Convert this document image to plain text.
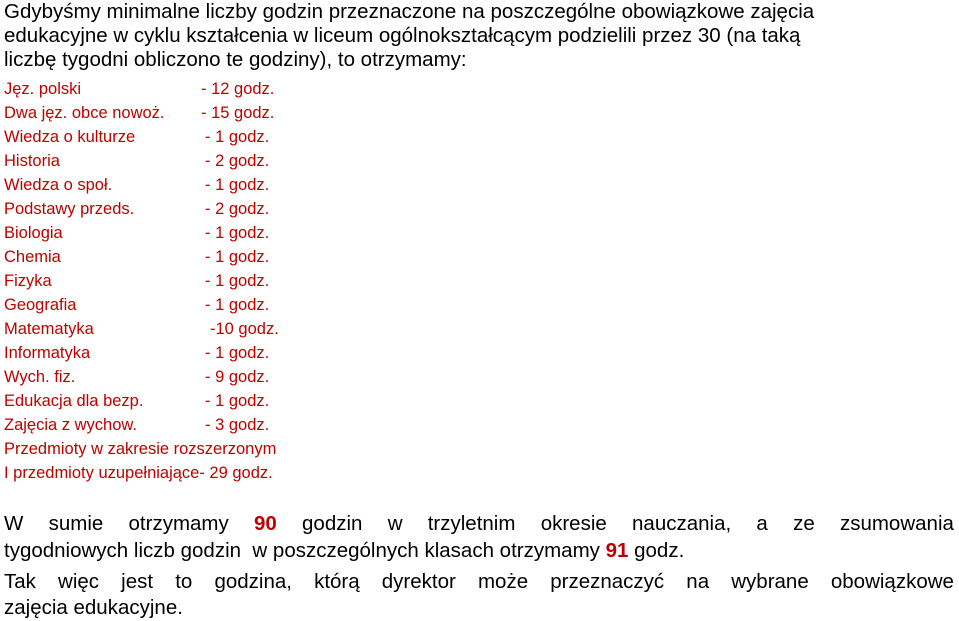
Gdybyśmy minimalne liczby godzin przeznaczone na poszczególne obowiązkowe zajęcia
edukacyjne w cyklu kształcenia w liceum ogólnokształcącym podzielili przez 30 (na taką
liczbę tygodni obliczono te godziny), to otrzymamy:
Jęz. polski	- 12 godz.
Dwa jęz. obce nowoż. - 15 godz.
Wiedza o kulturze	- 1 godz.
Historia	- 2 godz.
Wiedza o społ.	- 1 godz.
Podstawy przeds.	- 2 godz.
Biologia	- 1 godz.
Chemia	- 1 godz.
Fizyka	- 1 godz.
Geografia	- 1 godz.
Matematyka	-10 godz.
Informatyka	- 1 godz.
Wych. fiz.	- 9 godz.
Edukacja dla bezp.	- 1 godz.
Zajęcia z wychow.	- 3 godz.
Przedmioty w zakresie rozszerzonym
I przedmioty uzupełniające- 29 godz.
W sumie otrzymamy 90 godzin w trzyletnim okresie nauczania, a ze zsumowania
tygodniowych liczb godzin  w poszczególnych klasach otrzymamy 91 godz.
Tak więc jest to godzina, którą dyrektor może przeznaczyć na wybrane obowiązkowe
zajęcia edukacyjne.
